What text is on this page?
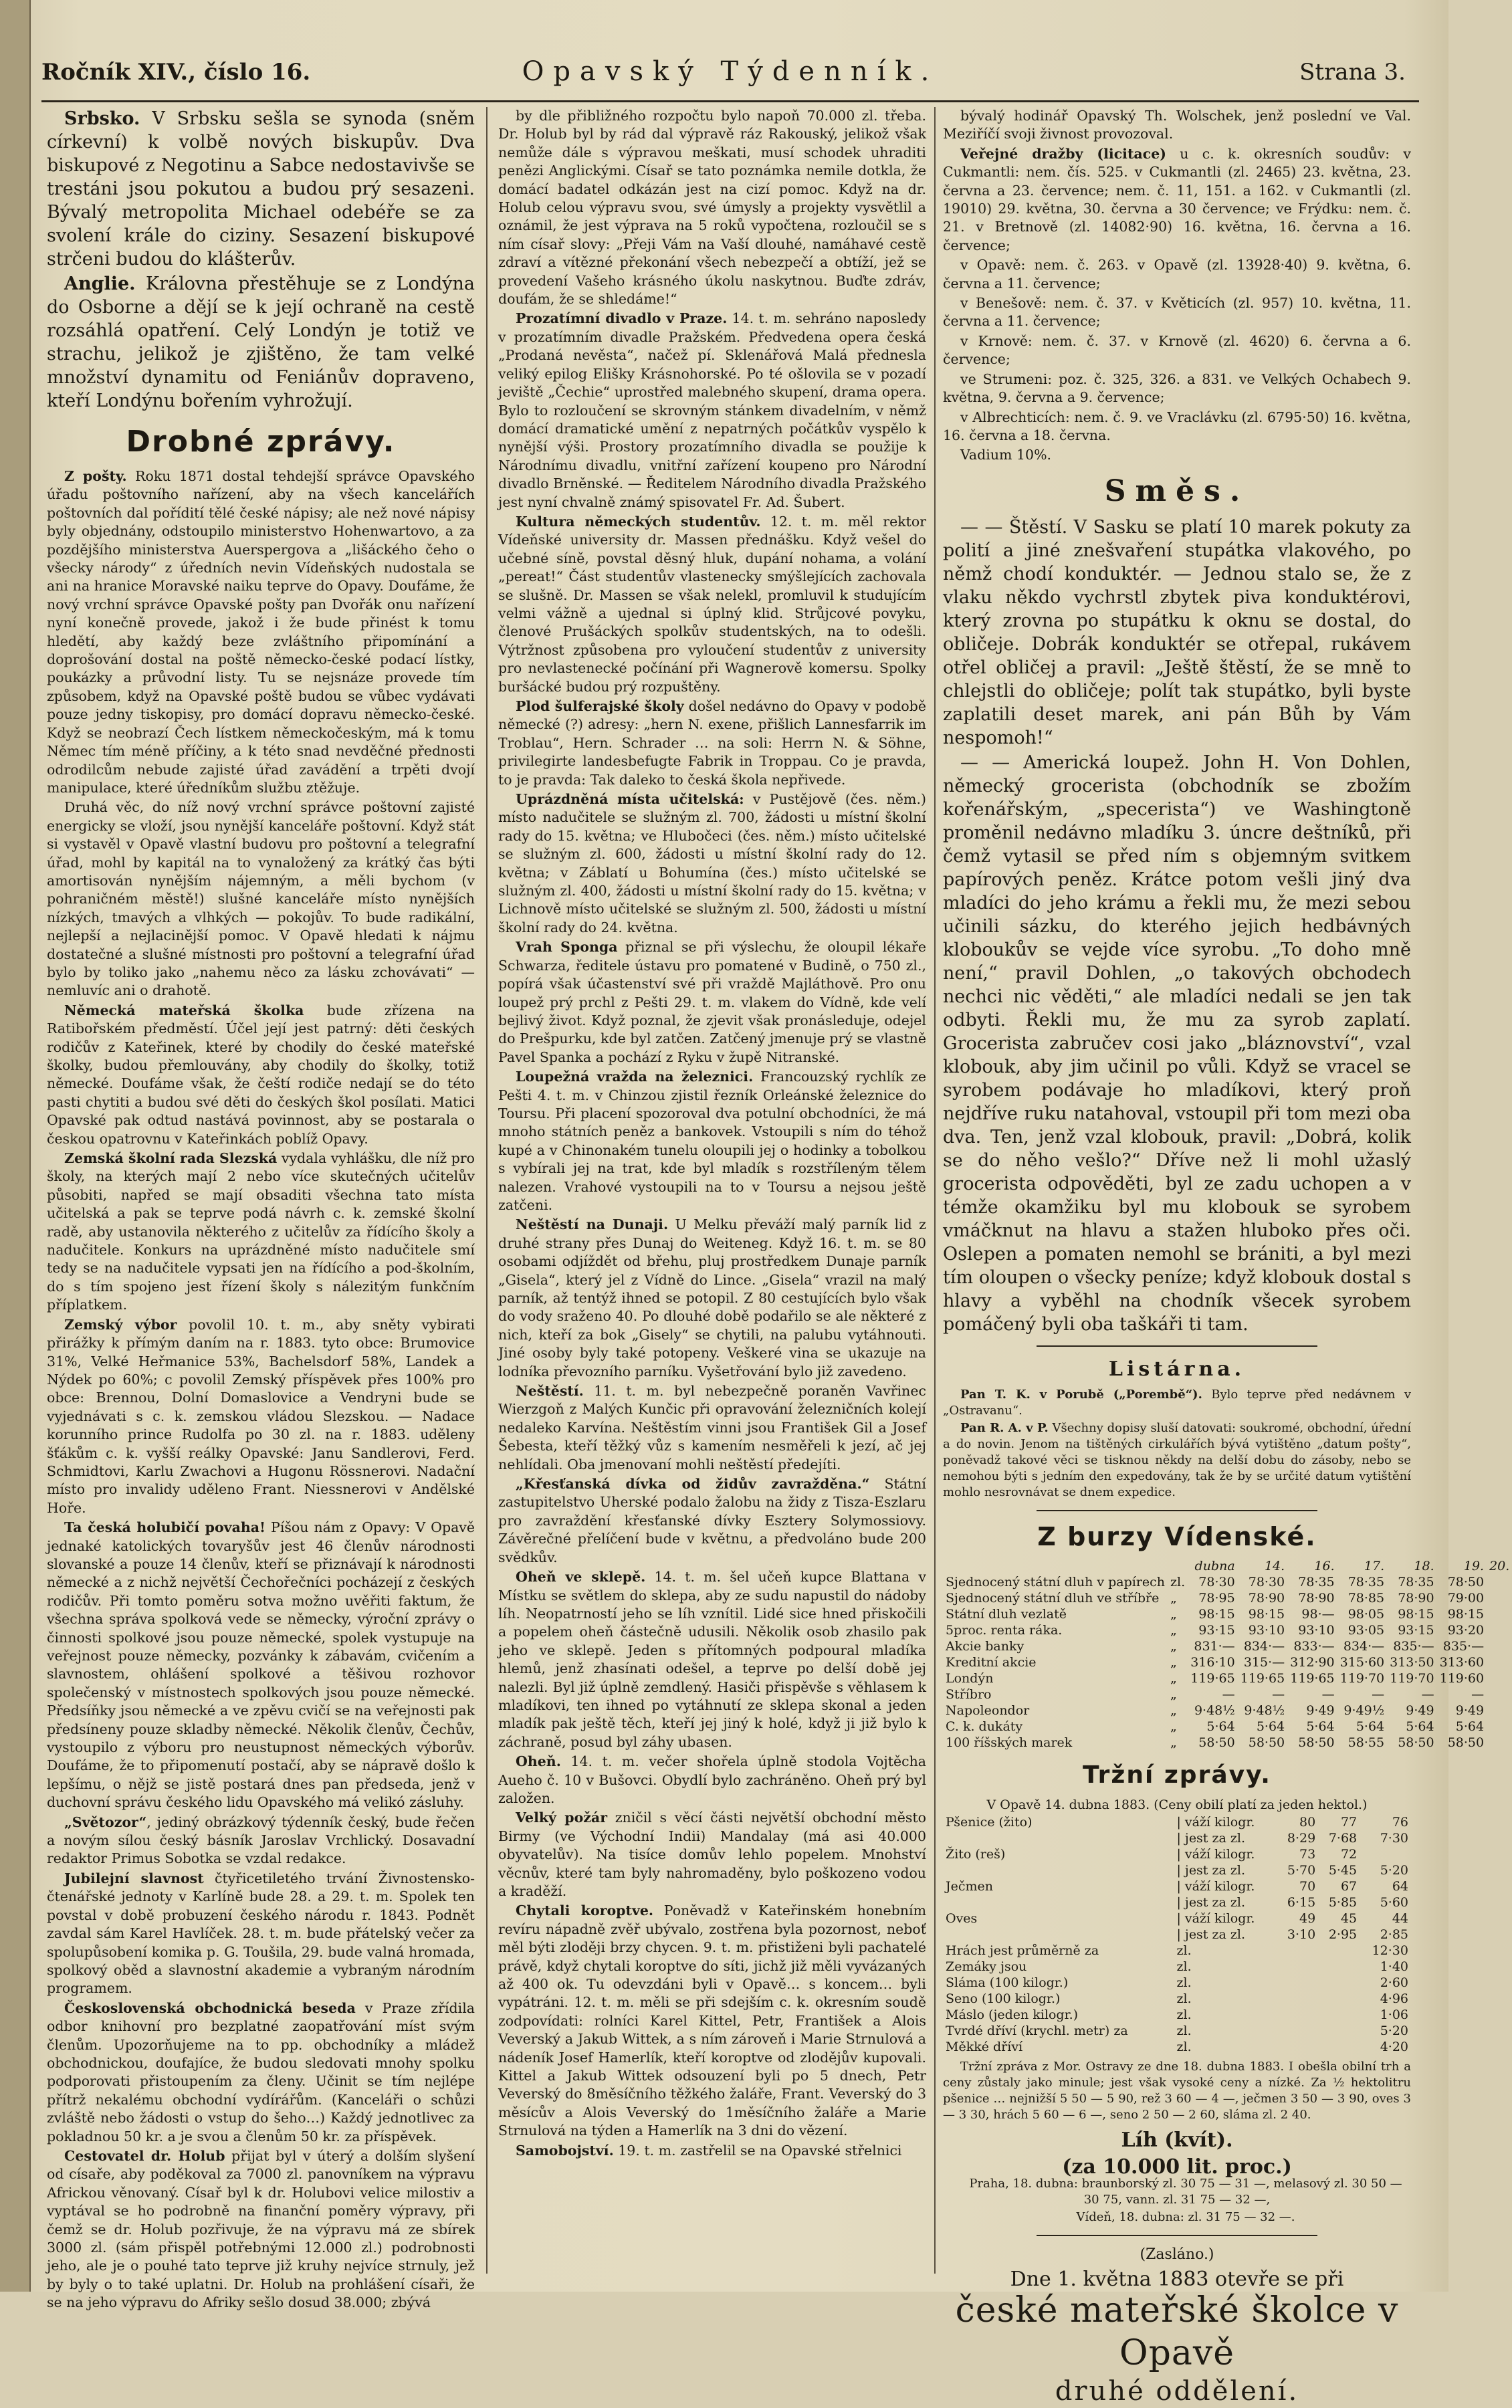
Ročník XIV., číslo 16.	Opavský Týdenník.	Strana 3.

Srbsko. V Srbsku sešla se synoda (sněm církevní) k volbě nových biskupův. Dva biskupové z Negotinu a Sabce nedostavivše se trestáni jsou pokutou a budou prý sesazeni. Bývalý metropolita Michael odebéře se za svolení krále do ciziny. Sesazení biskupové strčeni budou do klášterův.

Anglie. Královna přestěhuje se z Londýna do Osborne a dějí se k její ochraně na cestě rozsáhlá opatření. Celý Londýn je totiž ve strachu, jelikož je zjištěno, že tam velké množství dynamitu od Feniánův dopraveno, kteří Londýnu bořením vyhrožují.

Drobné zprávy.

Z pošty. Roku 1871 dostal tehdejší správce Opavského úřadu poštovního nařízení, aby na všech kancelářích poštovních dal pořídití tělé české nápisy; ale než nové nápisy byly objednány, odstoupilo ministerstvo Hohenwartovo, a za pozdějšího ministerstva Auerspergova a „lišáckého čeho o všecky národy“ z úředních nevin Vídeňských nudostala se ani na hranice Moravské naiku teprve do Opavy. Doufáme, že nový vrchní správce Opavské pošty pan Dvořák onu nařízení nyní konečně provede, jakož i že bude přinést k tomu hledětí, aby každý beze zvláštního připomínání a doprošování dostal na poště německo-české podací lístky, poukázky a průvodní listy. Tu se nejsnáze provede tím způsobem, když na Opavské poště budou se vůbec vydávati pouze jedny tiskopisy, pro domácí dopravu německo-české. Když se neobrazí Čech lístkem německočeským, má k tomu Němec tím méně příčiny, a k této snad nevděčné přednosti odrodilcům nebude zajisté úřad zavádění a trpěti dvojí manipulace, které úředníkům službu ztěžuje.

Druhá věc, do níž nový vrchní správce poštovní zajisté energicky se vloží, jsou nynější kanceláře poštovní. Když stát si vystavěl v Opavě vlastní budovu pro poštovní a telegrafní úřad, mohl by kapitál na to vynaložený za krátký čas býti amortisován nynějším nájemným, a měli bychom (v pohraničném městě!) slušné kanceláře místo nynějších nízkých, tmavých a vlhkých — pokojův. To bude radikální, nejlepší a nejlacinější pomoc. V Opavě hledati k nájmu dostatečné a slušné místnosti pro poštovní a telegrafní úřad bylo by toliko jako „nahemu něco za lásku zchovávati“ — nemluvíc ani o drahotě.

Německá mateřská školka bude zřízena na Ratibořském předměstí. Účel její jest patrný: děti českých rodičův z Kateřinek, které by chodily do české mateřské školky, budou přemlouvány, aby chodily do školky, totiž německé. Doufáme však, že čeští rodiče nedají se do této pasti chytiti a budou své děti do českých škol posílati. Matici Opavské pak odtud nastává povinnost, aby se postarala o českou opatrovnu v Kateřinkách poblíž Opavy.

Zemská školní rada Slezská vydala vyhlášku, dle níž pro školy, na kterých mají 2 nebo více skutečných učitelův působiti, napřed se mají obsaditi všechna tato místa učitelská a pak se teprve podá návrh c. k. zemské školní radě, aby ustanovila některého z učitelův za řídícího školy a nadučitele. Konkurs na uprázdněné místo nadučitele smí tedy se na nadučitele vypsati jen na řídícího a pod-školním, do s tím spojeno jest řízení školy s nálezitým funkčním příplatkem.

Zemský výbor povolil 10. t. m., aby sněty vybirati přirážky k přímým daním na r. 1883. tyto obce: Brumovice 31%, Velké Heřmanice 53%, Bachelsdorf 58%, Landek a Nýdek po 60%; c povolil Zemský příspěvek přes 100% pro obce: Brennou, Dolní Domaslovice a Vendryni bude se vyjednávati s c. k. zemskou vládou Slezskou. — Nadace korunního prince Rudolfa po 30 zl. na r. 1883. uděleny šťákům c. k. vyšší reálky Opavské: Janu Sandlerovi, Ferd. Schmidtovi, Karlu Zwachovi a Hugonu Rössnerovi. Nadační místo pro invalidy uděleno Frant. Niessnerovi v Andělské Hoře.

Ta česká holubičí povaha! Píšou nám z Opavy: V Opavě jednaké katolických tovaryšův jest 46 členův národnosti slovanské a pouze 14 členův, kteří se přiznávají k národnosti německé a z nichž největší Čechořečníci pocházejí z českých rodičův. Při tomto poměru sotva možno uvěřiti faktum, že všechna správa spolková vede se německy, výroční zprávy o činnosti spolkové jsou pouze německé, spolek vystupuje na veřejnost pouze německy, pozvánky k zábavám, cvičením a slavnostem, ohlášení spolkové a těšivou rozhovor společenský v místnostech spolkových jsou pouze německé. Předsíňky jsou německé a ve zpěvu cvičí se na veřejnosti pak předsíneny pouze skladby německé. Několik členův, Čechův, vystoupilo z výboru pro neustupnost německých výborův. Doufáme, že to připomenutí postačí, aby se nápravě došlo k lepšímu, o nějž se jistě postará dnes pan předseda, jenž v duchovní správu českého lidu Opavského má velikó zásluhy.

„Světozor“, jediný obrázkový týdenník český, bude řečen a novým sílou český básník Jaroslav Vrchlický. Dosavadní redaktor Primus Sobotka se vzdal redakce.

Jubilejní slavnost čtyřicetiletého trvání Živnostensko-čtenářské jednoty v Karlíně bude 28. a 29. t. m. Spolek ten povstal v době probuzení českého národu r. 1843. Podnět zavdal sám Karel Havlíček. 28. t. m. bude přátelský večer za spolupůsobení komika p. G. Toušila, 29. bude valná hromada, spolkový oběd a slavnostní akademie a vybraným národním programem.

Československá obchodnická beseda v Praze zřídila odbor knihovní pro bezplatné zaopatřování míst svým členům. Upozorňujeme na to pp. obchodníky a mládež obchodnickou, doufajíce, že budou sledovati mnohy spolku podporovati přistoupením za členy. Učinit se tím nejlépe přítrž nekalému obchodní vydírářům. (Kanceláři o schůzi zvláště nebo žádosti o vstup do šeho…) Každý jednotlivec za pokladnou 50 kr. a je svou a členům 50 kr. za příspěvek.

Cestovatel dr. Holub přijat byl v úterý a dolším slyšení od císaře, aby poděkoval za 7000 zl. panovníkem na výpravu Africkou věnovaný. Císař byl k dr. Holubovi velice milostiv a vyptával se ho podrobně na finanční poměry výpravy, při čemž se dr. Holub pozřivuje, že na výpravu má ze sbírek 3000 zl. (sám přispěl potřebnými 12.000 zl.) podrobnosti jeho, ale je o pouhé tato teprve již kruhy nejvíce strnuly, jež by byly o to také uplatni. Dr. Holub na prohlášení císaři, že se na jeho výpravu do Afriky sešlo dosud 38.000; zbývá

by dle přibližného rozpočtu bylo napoň 70.000 zl. třeba. Dr. Holub byl by rád dal výpravě ráz Rakouský, jelikož však nemůže dále s výpravou meškati, musí schodek uhraditi penězi Anglickými. Císař se tato poznámka nemile dotkla, že domácí badatel odkázán jest na cizí pomoc. Když na dr. Holub celou výpravu svou, své úmysly a projekty vysvětlil a oznámil, že jest výprava na 5 roků vypočtena, rozloučil se s ním císař slovy: „Přeji Vám na Vaší dlouhé, namáhavé cestě zdraví a vítězné překonání všech nebezpečí a obtíží, jež se provedení Vašeho krásného úkolu naskytnou. Buďte zdráv, doufám, že se shledáme!“

Prozatímní divadlo v Praze. 14. t. m. sehráno naposledy v prozatímním divadle Pražském. Předvedena opera česká „Prodaná nevěsta“, načež pí. Sklenářová Malá přednesla veliký epilog Elišky Krásnohorské. Po té ošlovila se v pozadí jeviště „Čechie“ uprostřed malebného skupení, drama opera. Bylo to rozloučení se skrovným stánkem divadelním, v němž domácí dramatické umění z nepatrných počátkův vyspělo k nynější výši. Prostory prozatímního divadla se použije k Národnímu divadlu, vnitřní zařízení koupeno pro Národní divadlo Brněnské. — Ředitelem Národního divadla Pražského jest nyní chvalně známý spisovatel Fr. Ad. Šubert.

Kultura německých studentův. 12. t. m. měl rektor Vídeňské university dr. Massen přednášku. Když vešel do učebné síně, povstal děsný hluk, dupání nohama, a volání „pereat!“ Část studentův vlastenecky smýšlejících zachovala se slušně. Dr. Massen se však nelekl, promluvil k studujícím velmi vážně a ujednal si úplný klid. Strůjcové povyku, členové Prušáckých spolkův studentských, na to odešli. Výtržnost způsobena pro vyloučení studentův z university pro nevlastenecké počínání při Wagnerově komersu. Spolky buršácké budou prý rozpuštěny.

Plod šulferajské školy došel nedávno do Opavy v podobě německé (?) adresy: „hern N. exene, přišlich Lannesfarrik im Troblau“, Hern. Schrader … na soli: Herrn N. & Söhne, privilegirte landesbefugte Fabrik in Troppau. Co je pravda, to je pravda: Tak daleko to česká škola nepřivede.

Uprázdněná místa učitelská: v Pustějově (čes. něm.) místo nadučitele se služným zl. 700, žádosti u místní školní rady do 15. května; ve Hlubočeci (čes. něm.) místo učitelské se služným zl. 600, žádosti u místní školní rady do 12. května; v Záblatí u Bohumína (čes.) místo učitelské se služným zl. 400, žádosti u místní školní rady do 15. května; v Lichnově místo učitelské se služným zl. 500, žádosti u místní školní rady do 24. května.

Vrah Sponga přiznal se při výslechu, že oloupil lékaře Schwarza, ředitele ústavu pro pomatené v Budině, o 750 zl., popírá však účastenství své při vraždě Majláthově. Pro onu loupež prý prchl z Pešti 29. t. m. vlakem do Vídně, kde velí bejlivý život. Když poznal, že zjevit však pronásleduje, odejel do Prešpurku, kde byl zatčen. Zatčený jmenuje prý se vlastně Pavel Spanka a pochází z Ryku v župě Nitranské.

Loupežná vražda na železnici. Francouzský rychlík ze Pešti 4. t. m. v Chinzou zjistil řezník Orleánské železnice do Toursu. Při placení spozoroval dva potulní obchodníci, že má mnoho státních peněz a bankovek. Vstoupili s ním do téhož kupé a v Chinonakém tunelu oloupili jej o hodinky a tobolkou s vybírali jej na trat, kde byl mladík s rozstříleným tělem nalezen. Vrahové vystoupili na to v Toursu a nejsou ještě zatčeni.

Neštěstí na Dunaji. U Melku převáží malý parník lid z druhé strany přes Dunaj do Weiteneg. Když 16. t. m. se 80 osobami odjíždět od břehu, pluj prostředkem Dunaje parník „Gisela“, který jel z Vídně do Lince. „Gisela“ vrazil na malý parník, až tentýž ihned se potopil. Z 80 cestujících bylo však do vody sraženo 40. Po dlouhé době podařilo se ale některé z nich, kteří za bok „Gisely“ se chytili, na palubu vytáhnouti. Jiné osoby byly také potopeny. Veškeré vina se ukazuje na lodníka převozního parníku. Vyšetřování bylo již zavedeno.

Neštěstí. 11. t. m. byl nebezpečně poraněn Vavřinec Wierzgoň z Malých Kunčic při opravování železničních kolejí nedaleko Karvína. Neštěstím vinni jsou František Gil a Josef Šebesta, kteří těžký vůz s kamením nesměřeli k jezí, ač jej nehlídali. Oba jmenovaní mohli neštěstí předejíti.

„Křesťanská dívka od židův zavražděna.“ Státní zastupitelstvo Uherské podalo žalobu na židy z Tisza-Eszlaru pro zavraždění křesťanské dívky Esztery Solymossiovy. Závěrečné přelíčení bude v květnu, a předvoláno bude 200 svědkův.

Oheň ve sklepě. 14. t. m. šel učeň kupce Blattana v Místku se světlem do sklepa, aby ze sudu napustil do nádoby líh. Neopatrností jeho se líh vznítil. Lidé sice hned přiskočili a popelem oheň částečně udusili. Několik osob zhasilo pak jeho ve sklepě. Jeden s přítomných podpoural mladíka hlemů, jenž zhasínati odešel, a teprve po delší době jej nalezli. Byl již úplně zemdlený. Hasiči přispěvše s věhlasem k mladíkovi, ten ihned po vytáhnutí ze sklepa skonal a jeden mladík pak ještě těch, kteří jej jiný k holé, když ji již bylo k záchraně, posud byl záhy ubasen.

Oheň. 14. t. m. večer shořela úplně stodola Vojtěcha Aueho č. 10 v Bušovci. Obydlí bylo zachráněno. Oheň prý byl založen.

Velký požár zničil s věcí části největší obchodní město Birmy (ve Východní Indii) Mandalay (má asi 40.000 obyvatelův). Na tisíce domův lehlo popelem. Mnohství věcnův, které tam byly nahromaděny, bylo poškozeno vodou a kraděží.

Chytali koroptve. Poněvadž v Kateřinském honebním revíru nápadně zvěř ubývalo, zostřena byla pozornost, neboť měl býti zloději brzy chycen. 9. t. m. přistiženi byli pachatelé právě, když chytali koroptve do síti, jichž již měli vyvázaných až 400 ok. Tu odevzdáni byli v Opavě… s koncem… byli vypátráni. 12. t. m. měli se při sdejším c. k. okresním soudě zodpovídati: rolníci Karel Kittel, Petr, František a Alois Veverský a Jakub Wittek, a s ním zároveň i Marie Strnulová a nádeník Josef Hamerlík, kteří koroptve od zlodějův kupovali. Kittel a Jakub Wittek odsouzení byli po 5 dnech, Petr Veverský do 8měsíčního těžkého žaláře, Frant. Veverský do 3 měsícův a Alois Veverský do 1měsíčního žaláře a Marie Strnulová na týden a Hamerlík na 3 dni do vězení.

Samobojství. 19. t. m. zastřelil se na Opavské střelnici

bývalý hodinář Opavský Th. Wolschek, jenž poslední ve Val. Meziříčí svoji živnost provozoval.

Veřejné dražby (licitace) u c. k. okresních soudův: v Cukmantli: nem. čís. 525. v Cukmantli (zl. 2465) 23. května, 23. června a 23. července; nem. č. 11, 151. a 162. v Cukmantli (zl. 19010) 29. května, 30. června a 30 července; ve Frýdku: nem. č. 21. v Bretnově (zl. 14082·90) 16. května, 16. června a 16. července;

v Opavě: nem. č. 263. v Opavě (zl. 13928·40) 9. května, 6. června a 11. července;

v Benešově: nem. č. 37. v Květicích (zl. 957) 10. května, 11. června a 11. července;

v Krnově: nem. č. 37. v Krnově (zl. 4620) 6. června a 6. července;

ve Strumeni: poz. č. 325, 326. a 831. ve Velkých Ochabech 9. května, 9. června a 9. července;

v Albrechticích: nem. č. 9. ve Vraclávku (zl. 6795·50) 16. května, 16. června a 18. června.

Vadium 10%.

Směs.

— — Štěstí. V Sasku se platí 10 marek pokuty za polití a jiné znešvaření stupátka vlakového, po němž chodí konduktér. — Jednou stalo se, že z vlaku někdo vychrstl zbytek piva konduktérovi, který zrovna po stupátku k oknu se dostal, do obličeje. Dobrák konduktér se otřepal, rukávem otřel obličej a pravil: „Ještě štěstí, že se mně to chlejstli do obličeje; polít tak stupátko, byli byste zaplatili deset marek, ani pán Bůh by Vám nespomoh!“

— — Americká loupež. John H. Von Dohlen, německý grocerista (obchodník se zbožím kořenářským, „specerista“) ve Washingtoně proměnil nedávno mladíku 3. úncre deštníků, při čemž vytasil se před ním s objemným svitkem papírových peněz. Krátce potom vešli jiný dva mladíci do jeho krámu a řekli mu, že mezi sebou učinili sázku, do kterého jejich hedbávných kloboukův se vejde více syrobu. „To doho mně není,“ pravil Dohlen, „o takových obchodech nechci nic věděti,“ ale mladíci nedali se jen tak odbyti. Řekli mu, že mu za syrob zaplatí. Grocerista zabručev cosi jako „bláznovství“, vzal klobouk, aby jim učinil po vůli. Když se vracel se syrobem podávaje ho mladíkovi, který proň nejdříve ruku natahoval, vstoupil při tom mezi oba dva. Ten, jenž vzal klobouk, pravil: „Dobrá, kolik se do něho vešlo?“ Dříve než li mohl užaslý grocerista odpověděti, byl ze zadu uchopen a v témže okamžiku byl mu klobouk se syrobem vmáčknut na hlavu a stažen hluboko přes oči. Oslepen a pomaten nemohl se brániti, a byl mezi tím oloupen o všecky peníze; když klobouk dostal s hlavy a vyběhl na chodník všecek syrobem pomáčený byli oba taškáři ti tam.

Listárna.

Pan T. K. v Porubě („Porembě“). Bylo teprve před nedávnem v „Ostravanu“.

Pan R. A. v P. Všechny dopisy sluší datovati: soukromé, obchodní, úřední a do novin. Jenom na tištěných cirkulářích bývá vytištěno „datum pošty“, poněvadž takové věci se tisknou někdy na delší dobu do zásoby, nebo se nemohou býti s jedním den expedovány, tak že by se určité datum vytištění mohlo nesrovnávat se dnem expedice.

Z burzy Vídenské.
		dubna	14.	16.	17.	18.	19.	20.
Sjednocený státní dluh v papírech	zl.	78·30	78·30	78·35	78·35	78·35	78·50	
Sjednocený státní dluh ve stříbře	„	78·95	78·90	78·90	78·85	78·90	79·00	
Státní dluh vezlatě	„	98·15	98·15	98·—	98·05	98·15	98·15	
5proc. renta ráka.	„	93·15	93·10	93·10	93·05	93·15	93·20	
Akcie banky	„	831·—	834·—	833·—	834·—	835·—	835·—	
Kreditní akcie	„	316·10	315·—	312·90	315·60	313·50	313·60	
Londýn	„	119·65	119·65	119·65	119·70	119·70	119·60	
Stříbro	„	—	—	—	—	—	—	
Napoleondor	„	9·48½	9·48½	9·49	9·49½	9·49	9·49	
C. k. dukáty	„	5·64	5·64	5·64	5·64	5·64	5·64	
100 říšských marek	„	58·50	58·50	58·50	58·55	58·50	58·50	
Tržní zprávy.
V Opavě 14. dubna 1883. (Ceny obilí platí za jeden hektol.)
Pšenice (žito)	| váží kilogr.	80	77	76
	| jest za zl.	8·29	7·68	7·30
Žito (reš)	| váží kilogr.	73	72	
	| jest za zl.	5·70	5·45	5·20
Ječmen	| váží kilogr.	70	67	64
	| jest za zl.	6·15	5·85	5·60
Oves	| váží kilogr.	49	45	44
	| jest za zl.	3·10	2·95	2·85
Hrách jest průměrně za	zl.			12·30
Zemáky jsou	zl.			1·40
Sláma (100 kilogr.)	zl.			2·60
Seno (100 kilogr.)	zl.			4·96
Máslo (jeden kilogr.)	zl.			1·06
Tvrdé dříví (krychl. metr) za	zl.			5·20
Měkké dříví	zl.			4·20

Tržní zpráva z Mor. Ostravy ze dne 18. dubna 1883. I obešla obilní trh a ceny zůstaly jako minule; jest však vysoké ceny a nízké. Za ½ hektolitru pšenice … nejnižší 5 50 — 5 90, rež 3 60 — 4 —, ječmen 3 50 — 3 90, oves 3 — 3 30, hrách 5 60 — 6 —, seno 2 50 — 2 60, sláma zl. 2 40.

Líh (kvít).
(za 10.000 lit. proc.)

Praha, 18. dubna: braunborský zl. 30 75 — 31 —, melasový zl. 30 50 — 30 75, vann. zl. 31 75 — 32 —,

Vídeň, 18. dubna: zl. 31 75 — 32 —.

(Zasláno.)
Dne 1. května 1883 otevře se při
české mateřské školce v Opavě
druhé oddělení.
